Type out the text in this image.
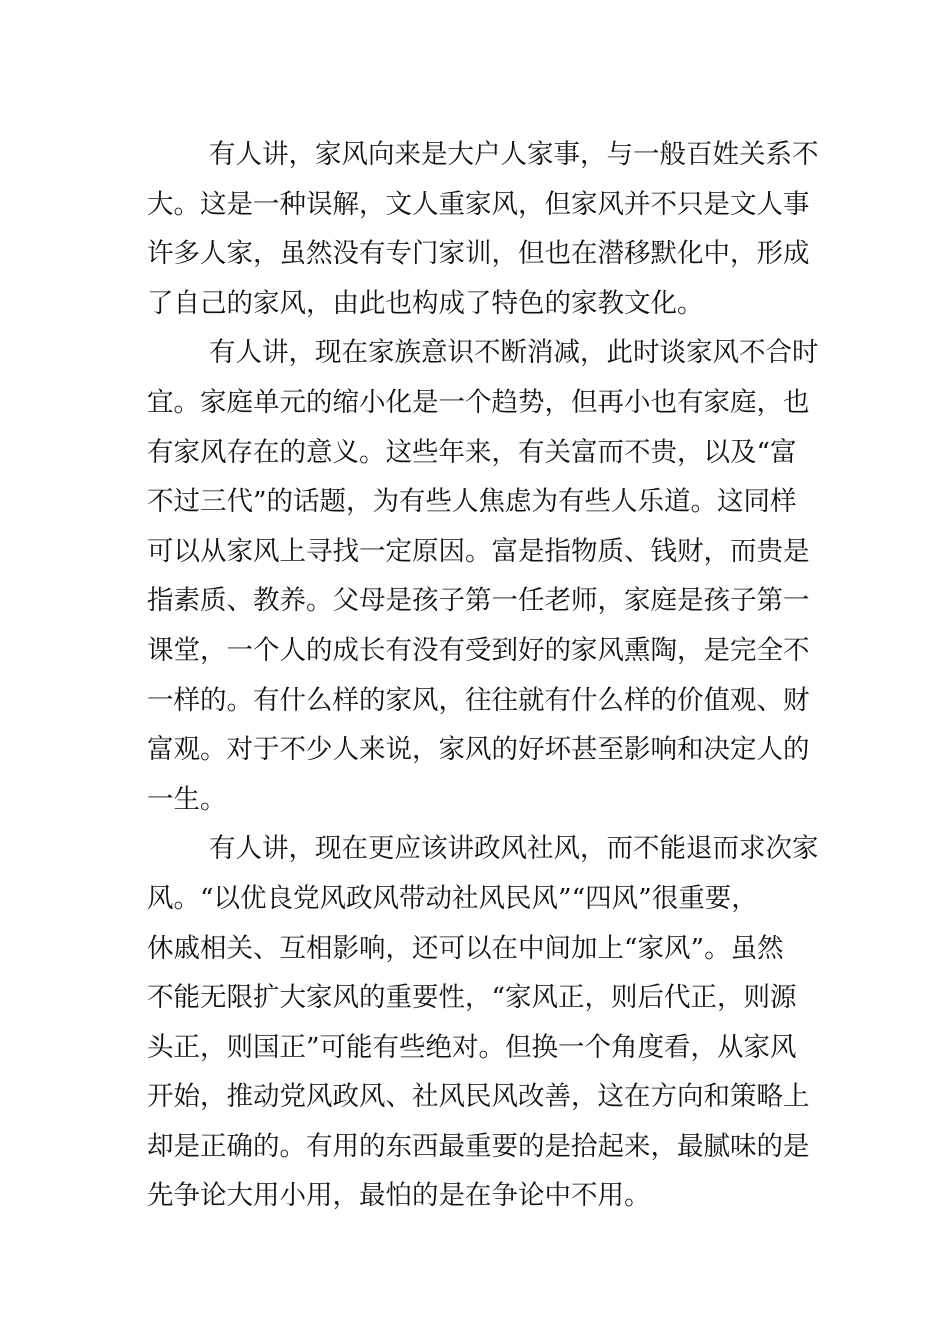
有人讲，家风向来是大户人家事，与一般百姓关系不
大。这是一种误解，文人重家风，但家风并不只是文人事
许多人家，虽然没有专门家训，但也在潜移默化中，形成
了自己的家风，由此也构成了特色的家教文化。
有人讲，现在家族意识不断消减，此时谈家风不合时
宜。家庭单元的缩小化是一个趋势，但再小也有家庭，也
有家风存在的意义。这些年来，有关富而不贵，以及“富
不过三代”的话题，为有些人焦虑为有些人乐道。这同样
可以从家风上寻找一定原因。富是指物质、钱财，而贵是
指素质、教养。父母是孩子第一任老师，家庭是孩子第一
课堂，一个人的成长有没有受到好的家风熏陶，是完全不
一样的。有什么样的家风，往往就有什么样的价值观、财
富观。对于不少人来说，家风的好坏甚至影响和决定人的
一生。
有人讲，现在更应该讲政风社风，而不能退而求次家
风。“以优良党风政风带动社风民风”“四风”很重要，
休戚相关、互相影响，还可以在中间加上“家风”。虽然
不能无限扩大家风的重要性，“家风正，则后代正，则源
头正，则国正”可能有些绝对。但换一个角度看，从家风
开始，推动党风政风、社风民风改善，这在方向和策略上
却是正确的。有用的东西最重要的是拾起来，最腻味的是
先争论大用小用，最怕的是在争论中不用。
